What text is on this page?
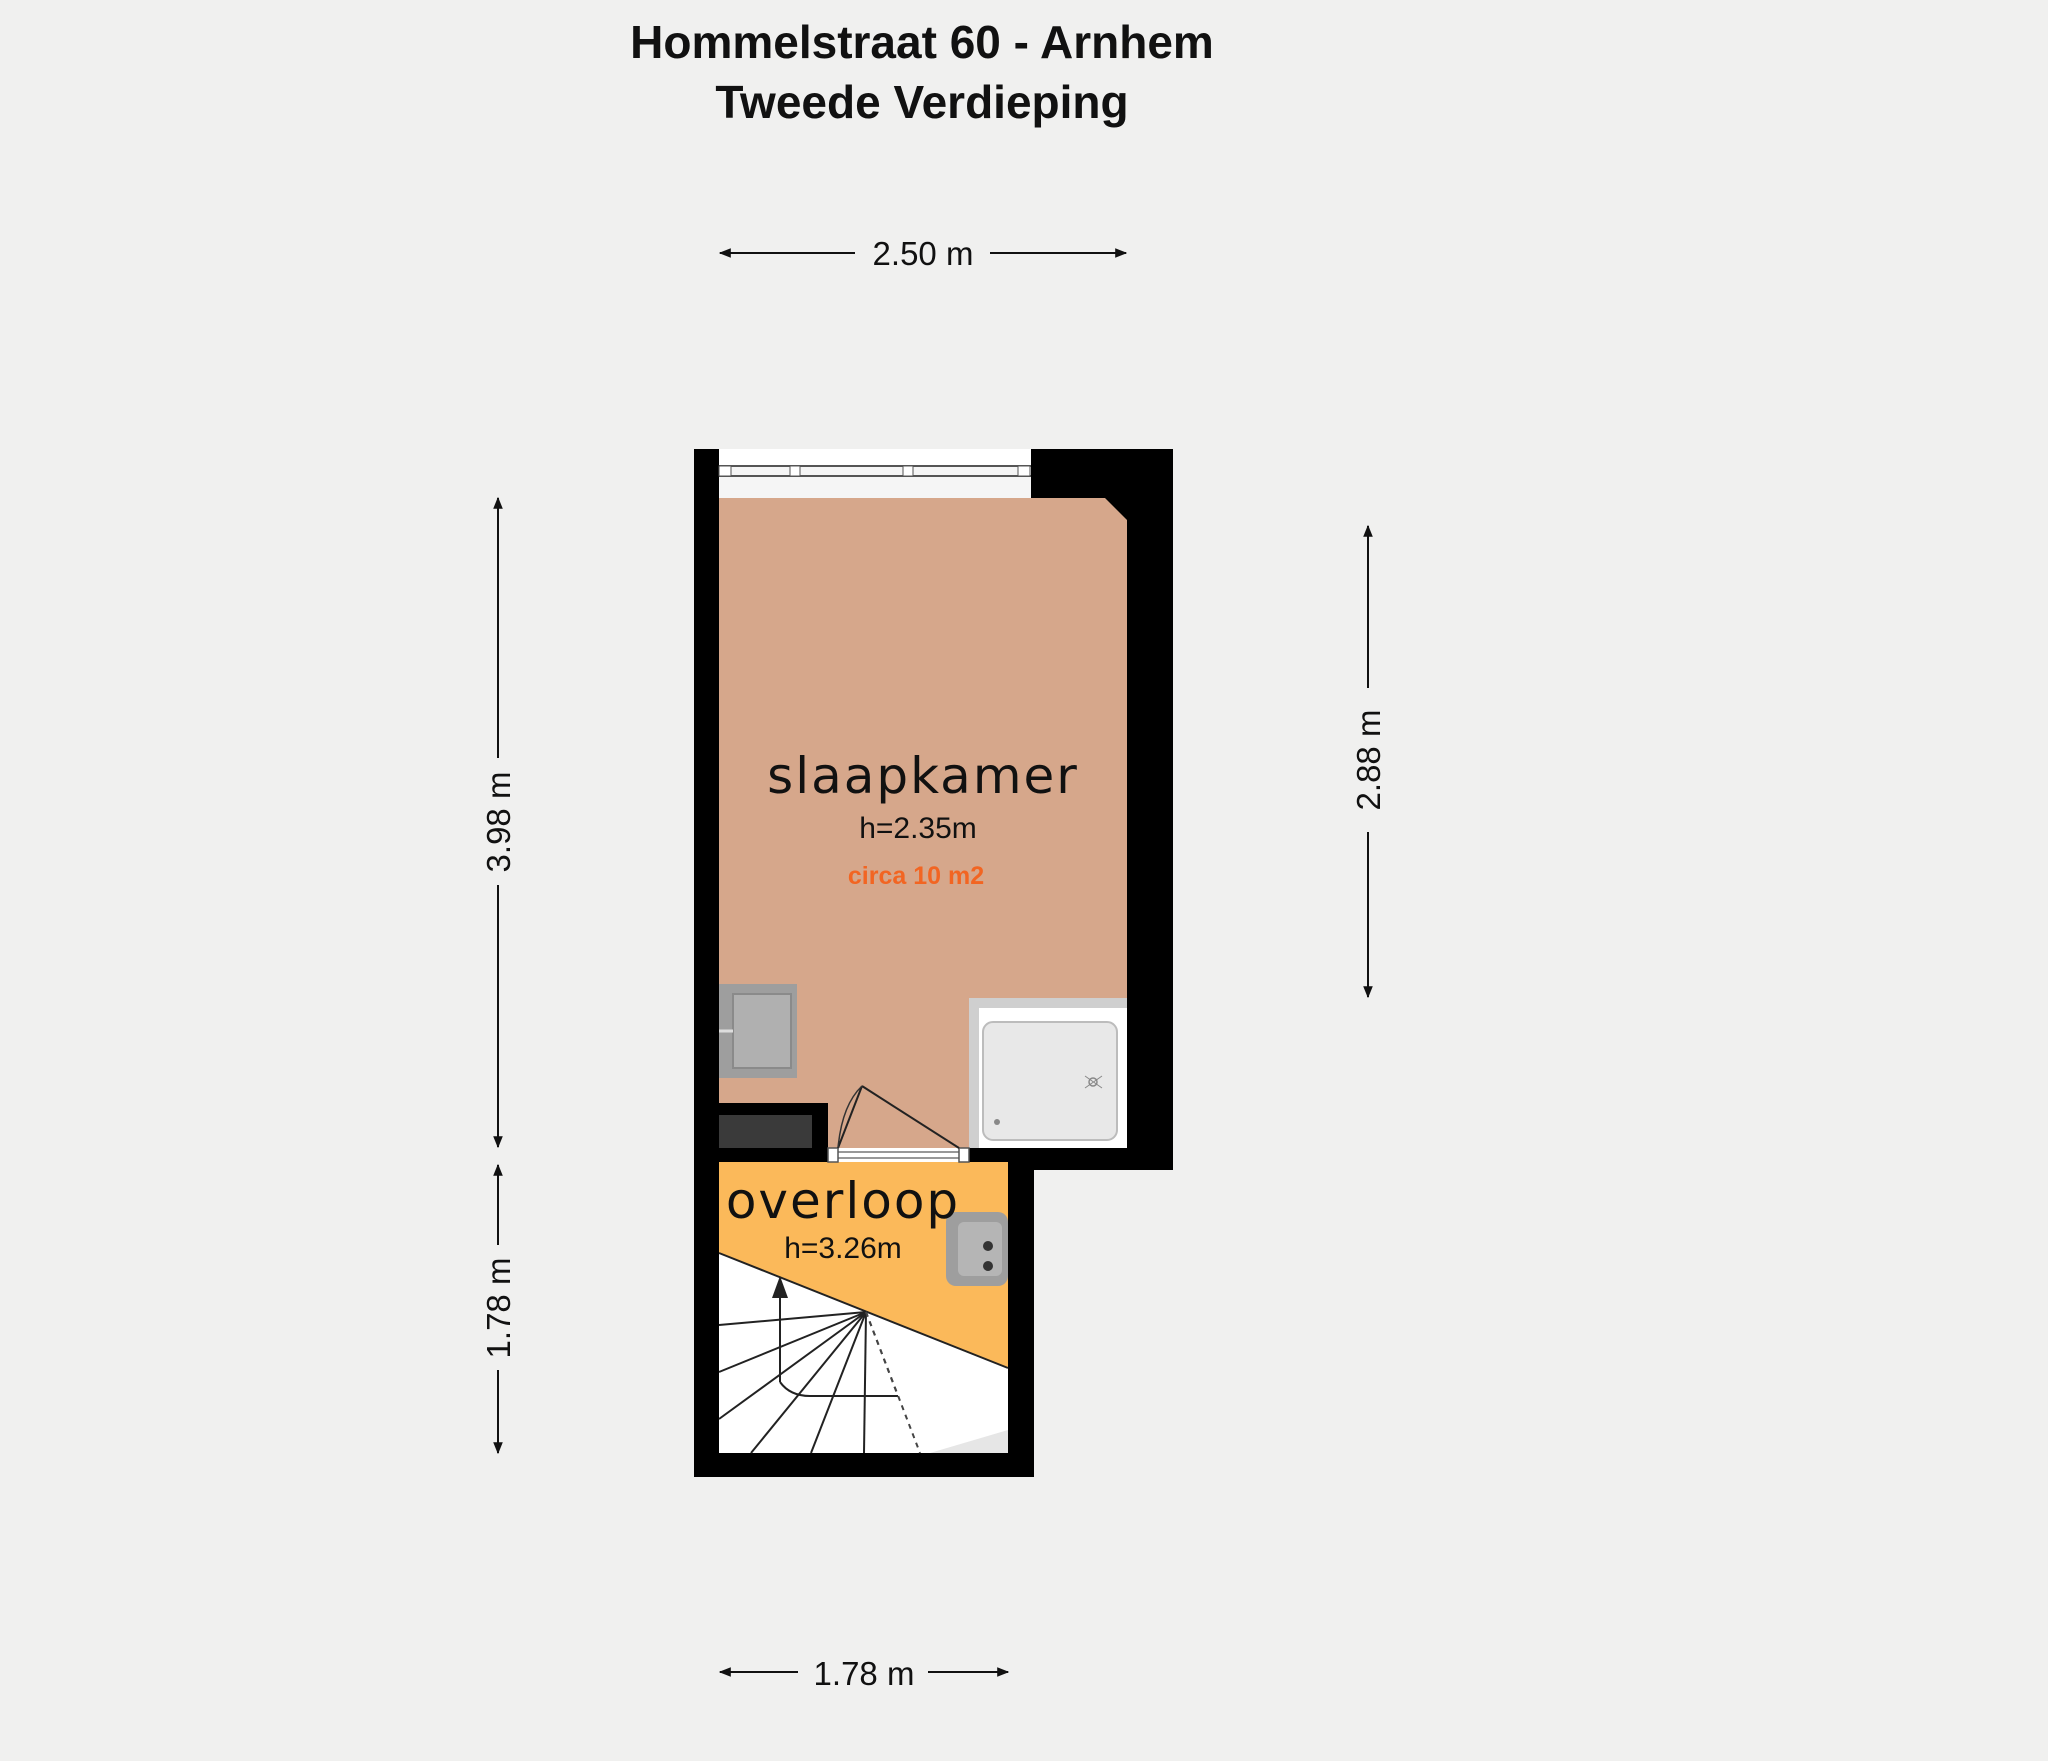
Hommelstraat 60 - Arnhem
Tweede Verdieping
2.50 m
1.78 m
3.98 m
1.78 m
2.88 m
slaapkamer
h=2.35m
circa 10 m2
overloop
h=3.26m
